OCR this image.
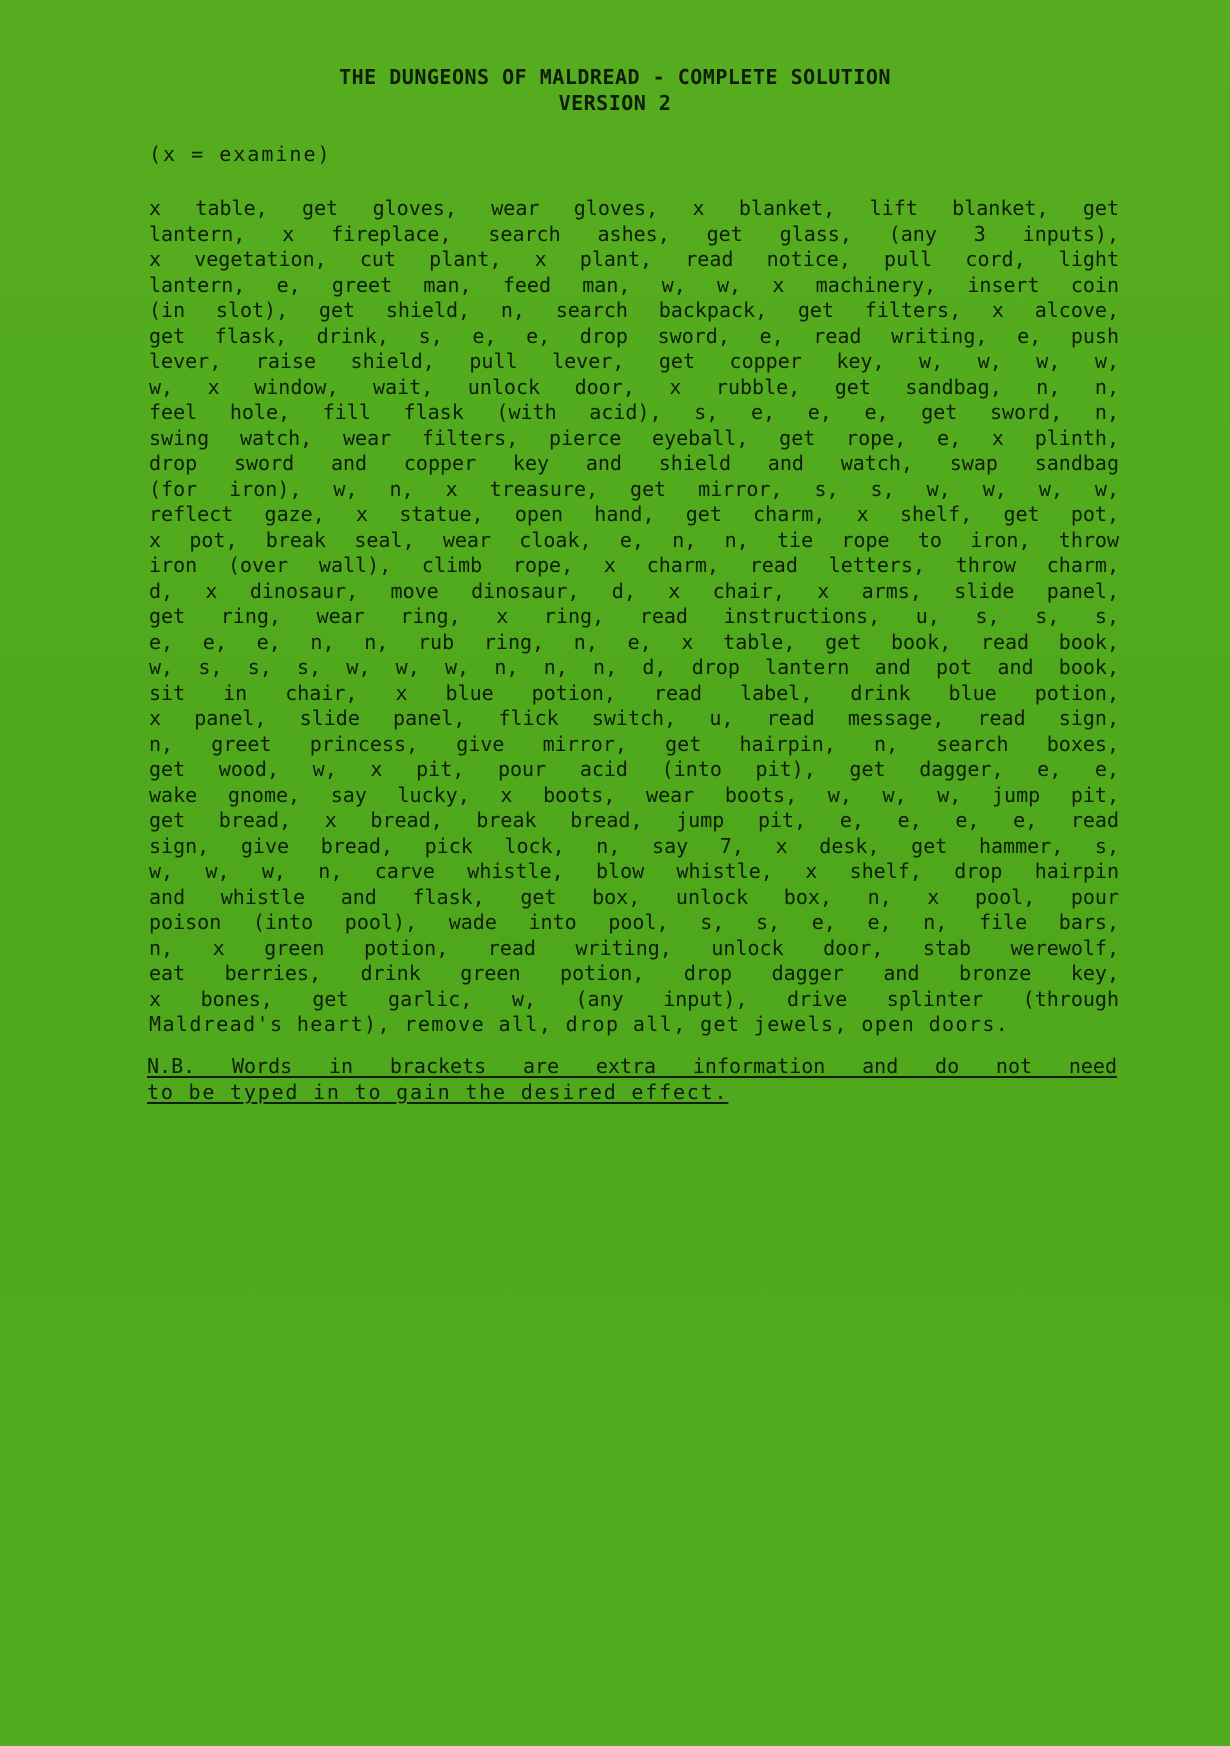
THE DUNGEONS OF MALDREAD - COMPLETE SOLUTION
VERSION 2
(x = examine)
x table, get gloves, wear gloves, x blanket, lift blanket, get
lantern, x fireplace, search ashes, get glass, (any 3 inputs),
x vegetation, cut plant, x plant, read notice, pull cord, light
lantern, e, greet man, feed man, w, w, x machinery, insert coin
(in slot), get shield, n, search backpack, get filters, x alcove,
get flask, drink, s, e, e, drop sword, e, read writing, e, push
lever, raise shield, pull lever, get copper key, w, w, w, w,
w, x window, wait, unlock door, x rubble, get sandbag, n, n,
feel hole, fill flask (with acid), s, e, e, e, get sword, n,
swing watch, wear filters, pierce eyeball, get rope, e, x plinth,
drop sword and copper key and shield and watch, swap sandbag
(for iron), w, n, x treasure, get mirror, s, s, w, w, w, w,
reflect gaze, x statue, open hand, get charm, x shelf, get pot,
x pot, break seal, wear cloak, e, n, n, tie rope to iron, throw
iron (over wall), climb rope, x charm, read letters, throw charm,
d, x dinosaur, move dinosaur, d, x chair, x arms, slide panel,
get ring, wear ring, x ring, read instructions, u, s, s, s,
e, e, e, n, n, rub ring, n, e, x table, get book, read book,
w, s, s, s, w, w, w, n, n, n, d, drop lantern and pot and book,
sit in chair, x blue potion, read label, drink blue potion,
x panel, slide panel, flick switch, u, read message, read sign,
n, greet princess, give mirror, get hairpin, n, search boxes,
get wood, w, x pit, pour acid (into pit), get dagger, e, e,
wake gnome, say lucky, x boots, wear boots, w, w, w, jump pit,
get bread, x bread, break bread, jump pit, e, e, e, e, read
sign, give bread, pick lock, n, say 7, x desk, get hammer, s,
w, w, w, n, carve whistle, blow whistle, x shelf, drop hairpin
and whistle and flask, get box, unlock box, n, x pool, pour
poison (into pool), wade into pool, s, s, e, e, n, file bars,
n, x green potion, read writing, unlock door, stab werewolf,
eat berries, drink green potion, drop dagger and bronze key,
x bones, get garlic, w, (any input), drive splinter (through
Maldread's heart), remove all, drop all, get jewels, open doors.
N.B. Words in brackets are extra information and do not need
to be typed in to gain the desired effect.
